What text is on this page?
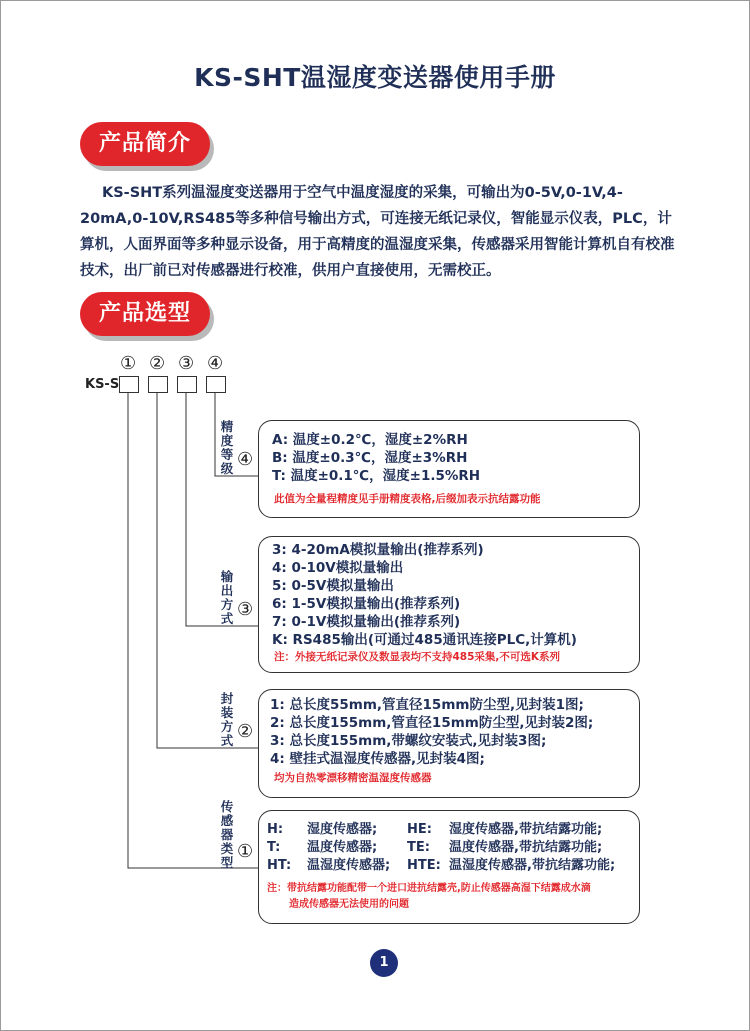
KS-SHT温湿度变送器使用手册
产品简介

KS-SHT系列温湿度变送器用于空气中温度湿度的采集，可输出为0-5V,0-1V,4-20mA,0-10V,RS485等多种信号输出方式，可连接无纸记录仪，智能显示仪表，PLC，计算机，人面界面等多种显示设备，用于高精度的温湿度采集，传感器采用智能计算机自有校准技术，出厂前已对传感器进行校准，供用户直接使用，无需校正。

产品选型
① ② ③ ④
KS-S
精
度
等
级 ④
A: 温度±0.2℃，湿度±2%RH
B: 温度±0.3℃，湿度±3%RH
T: 温度±0.1℃，湿度±1.5%RH
此值为全量程精度见手册精度表格,后缀加表示抗结露功能
输
出
方
式 ③
3: 4-20mA模拟量输出(推荐系列)
4: 0-10V模拟量输出
5: 0-5V模拟量输出
6: 1-5V模拟量输出(推荐系列)
7: 0-1V模拟量输出(推荐系列)
K: RS485输出(可通过485通讯连接PLC,计算机)
注：外接无纸记录仪及数显表均不支持485采集,不可选K系列
封
装
方
式 ②
1: 总长度55mm,管直径15mm防尘型,见封装1图;
2: 总长度155mm,管直径15mm防尘型,见封装2图;
3: 总长度155mm,带螺纹安装式,见封装3图;
4: 壁挂式温湿度传感器,见封装4图;
均为自热零漂移精密温湿度传感器
传
感
器
类
型
①
H:	湿度传感器;	HE:	湿度传感器,带抗结露功能;
T:	温度传感器;	TE:	温度传感器,带抗结露功能;
HT:	温湿度传感器;	HTE: 温湿度传感器,带抗结露功能;
注：带抗结露功能配带一个进口进抗结露壳,防止传感器高湿下结露成水滴
造成传感器无法使用的问题
1
